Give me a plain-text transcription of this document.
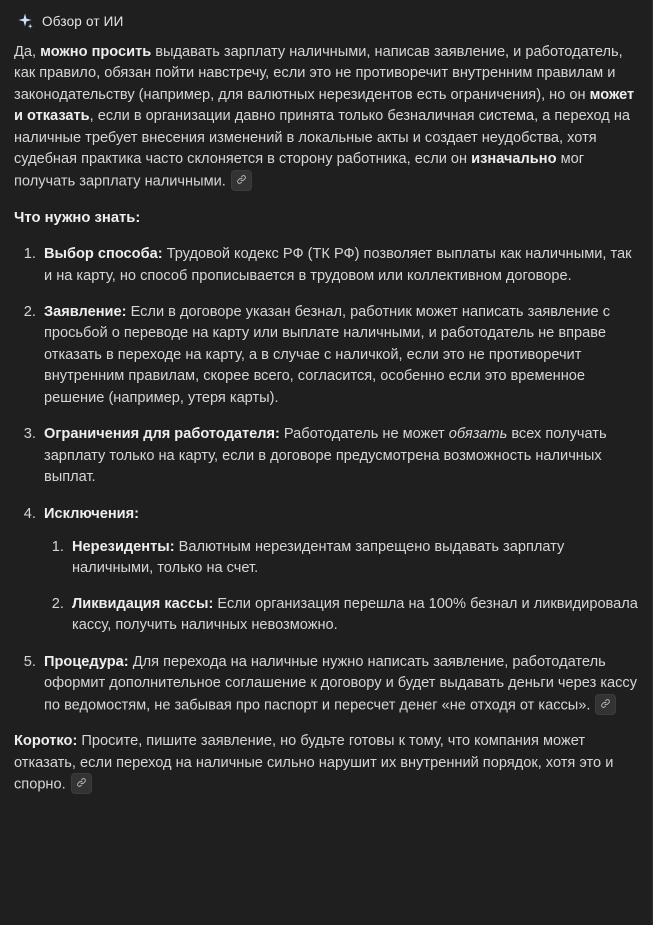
Обзор от ИИ

Да, можно просить выдавать зарплату наличными, написав заявление, и работодатель, как правило, обязан пойти навстречу, если это не противоречит внутренним правилам и законодательству (например, для валютных нерезидентов есть ограничения), но он может и отказать, если в организации давно принята только безналичная система, а переход на наличные требует внесения изменений в локальные акты и создает неудобства, хотя судебная практика часто склоняется в сторону работника, если он изначально мог получать зарплату наличными.

Что нужно знать:

1. Выбор способа: Трудовой кодекс РФ (ТК РФ) позволяет выплаты как наличными, так и на карту, но способ прописывается в трудовом или коллективном договоре.
2. Заявление: Если в договоре указан безнал, работник может написать заявление с просьбой о переводе на карту или выплате наличными, и работодатель не вправе отказать в переходе на карту, а в случае с наличкой, если это не противоречит внутренним правилам, скорее всего, согласится, особенно если это временное решение (например, утеря карты).
3. Ограничения для работодателя: Работодатель не может обязать всех получать зарплату только на карту, если в договоре предусмотрена возможность наличных выплат.
4. Исключения:
1. Нерезиденты: Валютным нерезидентам запрещено выдавать зарплату наличными, только на счет.
2. Ликвидация кассы: Если организация перешла на 100% безнал и ликвидировала кассу, получить наличных невозможно.
5. Процедура: Для перехода на наличные нужно написать заявление, работодатель оформит дополнительное соглашение к договору и будет выдавать деньги через кассу по ведомостям, не забывая про паспорт и пересчет денег «не отходя от кассы».

Коротко: Просите, пишите заявление, но будьте готовы к тому, что компания может отказать, если переход на наличные сильно нарушит их внутренний порядок, хотя это и спорно.
